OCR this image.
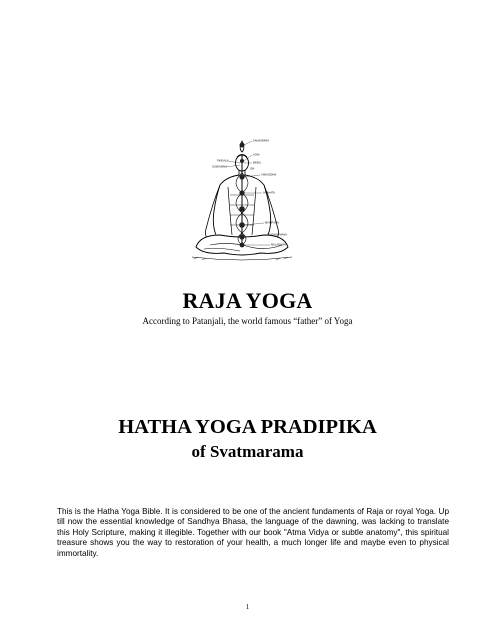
SAHASRARA
AJNA
BINDU
VISHUDDHA
ANAHATA
MANIPURA
SVADHISTHANA
MULADHARA
PINGALA
SUSHUMNA
IDA
RAJA YOGA
According to Patanjali, the world famous “father” of Yoga
HATHA YOGA PRADIPIKA
of Svatmarama
This is the Hatha Yoga Bible. It is considered to be one of the ancient fundaments of Raja or royal Yoga. Up till now the essential knowledge of Sandhya Bhasa, the language of the dawning, was lacking to translate this Holy Scripture, making it illegible. Together with our book "Atma Vidya or subtle anatomy", this spiritual treasure shows you the way to restoration of your health, a much longer life and maybe even to physical immortality.
1
